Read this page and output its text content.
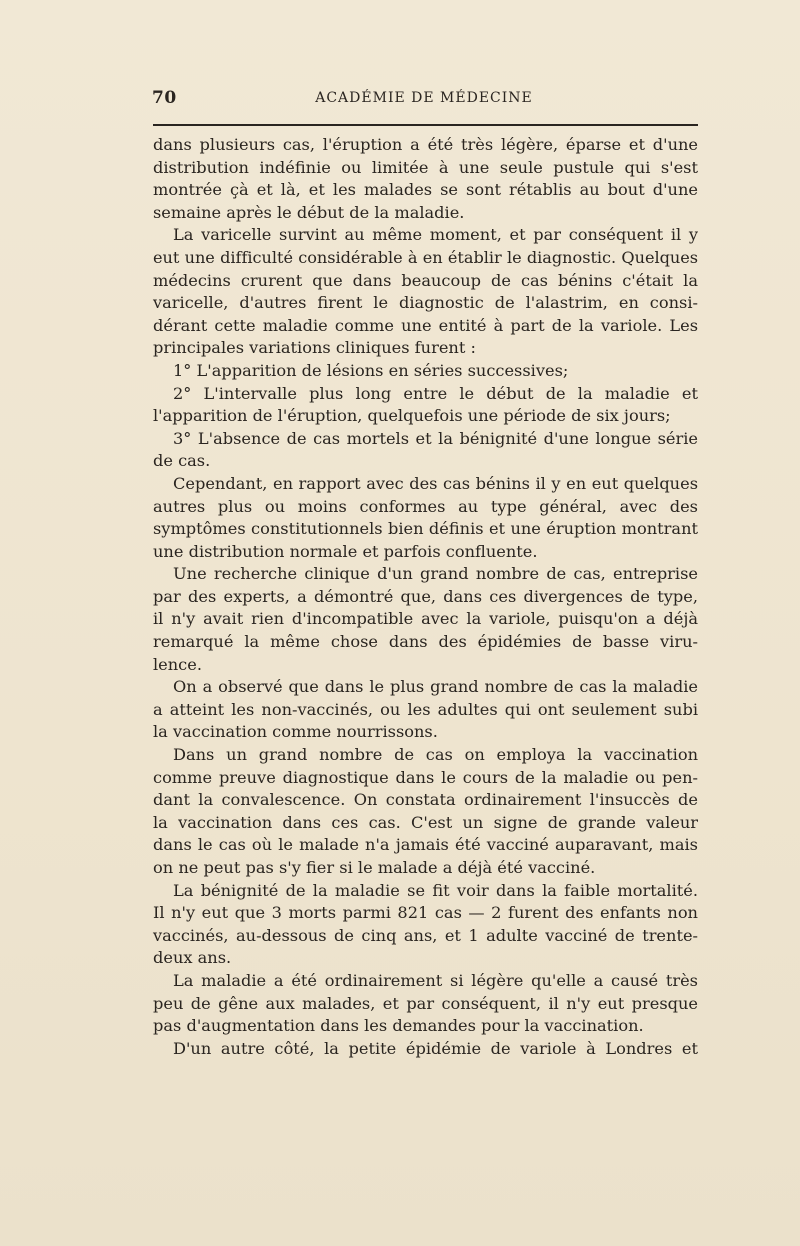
70	ACADÉMIE DE MÉDECINE
dans plusieurs cas, l'éruption a été très légère, éparse et d'une
distribution indéfinie ou limitée à une seule pustule qui s'est
montrée çà et là, et les malades se sont rétablis au bout d'une
semaine après le début de la maladie.
La varicelle survint au même moment, et par conséquent il y
eut une difficulté considérable à en établir le diagnostic. Quelques
médecins crurent que dans beaucoup de cas bénins c'était la
varicelle, d'autres firent le diagnostic de l'alastrim, en consi-
dérant cette maladie comme une entité à part de la variole. Les
principales variations cliniques furent :
1° L'apparition de lésions en séries successives;
2° L'intervalle plus long entre le début de la maladie et
l'apparition de l'éruption, quelquefois une période de six jours;
3° L'absence de cas mortels et la bénignité d'une longue série
de cas.
Cependant, en rapport avec des cas bénins il y en eut quelques
autres plus ou moins conformes au type général, avec des
symptômes constitutionnels bien définis et une éruption montrant
une distribution normale et parfois confluente.
Une recherche clinique d'un grand nombre de cas, entreprise
par des experts, a démontré que, dans ces divergences de type,
il n'y avait rien d'incompatible avec la variole, puisqu'on a déjà
remarqué la même chose dans des épidémies de basse viru-
lence.
On a observé que dans le plus grand nombre de cas la maladie
a atteint les non-vaccinés, ou les adultes qui ont seulement subi
la vaccination comme nourrissons.
Dans un grand nombre de cas on employa la vaccination
comme preuve diagnostique dans le cours de la maladie ou pen-
dant la convalescence. On constata ordinairement l'insuccès de
la vaccination dans ces cas. C'est un signe de grande valeur
dans le cas où le malade n'a jamais été vacciné auparavant, mais
on ne peut pas s'y fier si le malade a déjà été vacciné.
La bénignité de la maladie se fit voir dans la faible mortalité.
Il n'y eut que 3 morts parmi 821 cas — 2 furent des enfants non
vaccinés, au-dessous de cinq ans, et 1 adulte vacciné de trente-
deux ans.
La maladie a été ordinairement si légère qu'elle a causé très
peu de gêne aux malades, et par conséquent, il n'y eut presque
pas d'augmentation dans les demandes pour la vaccination.
D'un autre côté, la petite épidémie de variole à Londres et
